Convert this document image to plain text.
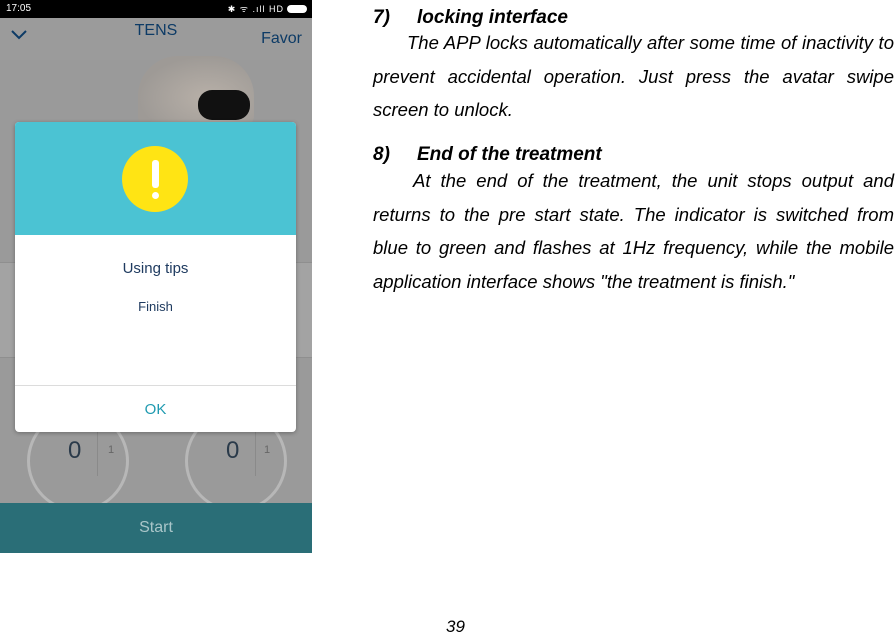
17:05	✱ ᯤ .ıll HD
TENS	Favor
0 1	0 1
Start
Using tips
Finish
OK
7) locking interface
The APP locks automatically after some time of inactivity to prevent accidental operation. Just press the avatar swipe screen to unlock.
8) End of the treatment
At the end of the treatment, the unit stops output and returns to the pre start state. The indicator is switched from blue to green and flashes at 1Hz frequency, while the mobile application interface shows "the treatment is finish."
39
